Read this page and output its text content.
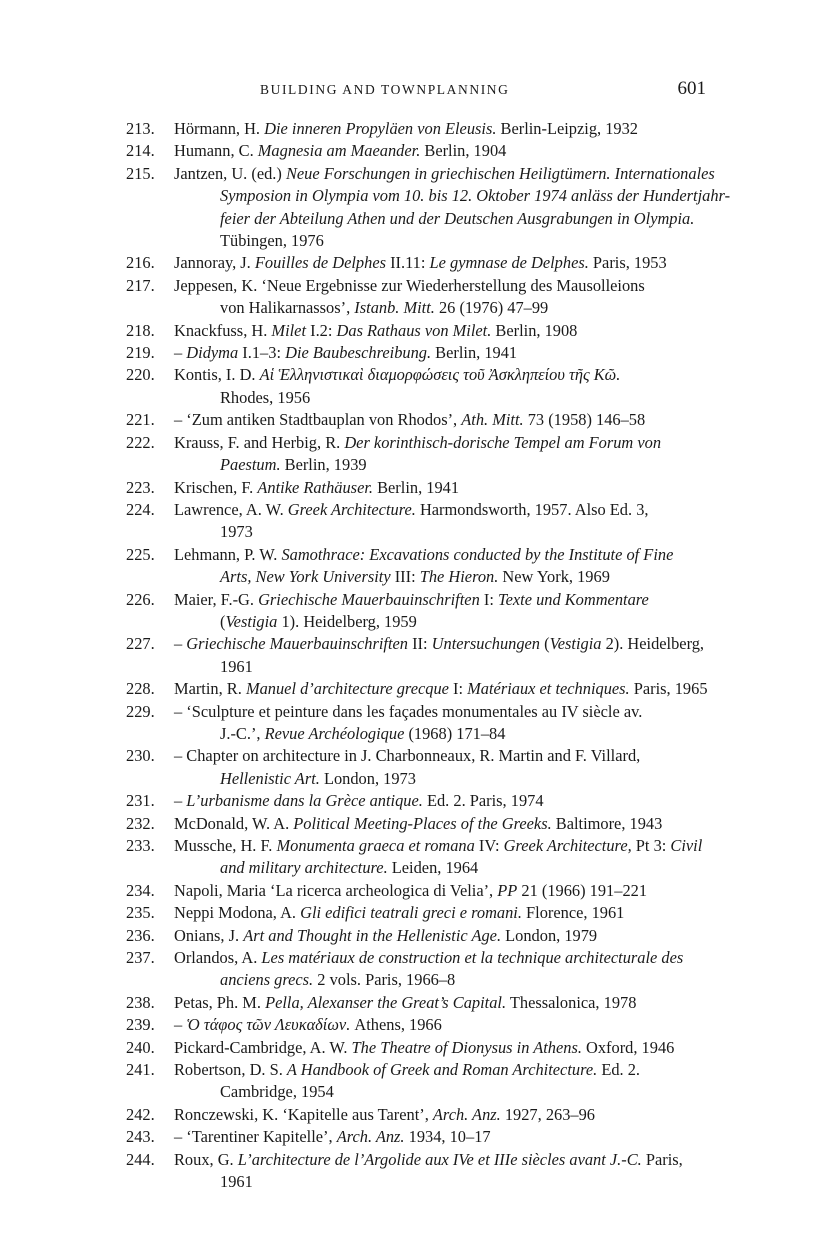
BUILDING AND TOWNPLANNING	601
213.	Hörmann, H. Die inneren Propyläen von Eleusis. Berlin-Leipzig, 1932
214.	Humann, C. Magnesia am Maeander. Berlin, 1904
215.	Jantzen, U. (ed.) Neue Forschungen in griechischen Heiligtümern. Internationales
Symposion in Olympia vom 10. bis 12. Oktober 1974 anläss der Hundertjahr-
feier der Abteilung Athen und der Deutschen Ausgrabungen in Olympia.
Tübingen, 1976
216.	Jannoray, J. Fouilles de Delphes II.11: Le gymnase de Delphes. Paris, 1953
217.	Jeppesen, K. ‘Neue Ergebnisse zur Wiederherstellung des Mausolleions
von Halikarnassos’, Istanb. Mitt. 26 (1976) 47–99
218.	Knackfuss, H. Milet I.2: Das Rathaus von Milet. Berlin, 1908
219.	– Didyma I.1–3: Die Baubeschreibung. Berlin, 1941
220.	Kontis, I. D. Αἱ Ἑλληνιστικαὶ διαμορφώσεις τοῦ Ἀσκληπείου τῆς Κῶ.
Rhodes, 1956
221.	– ‘Zum antiken Stadtbauplan von Rhodos’, Ath. Mitt. 73 (1958) 146–58
222.	Krauss, F. and Herbig, R. Der korinthisch-dorische Tempel am Forum von
Paestum. Berlin, 1939
223.	Krischen, F. Antike Rathäuser. Berlin, 1941
224.	Lawrence, A. W. Greek Architecture. Harmondsworth, 1957. Also Ed. 3,
1973
225.	Lehmann, P. W. Samothrace: Excavations conducted by the Institute of Fine
Arts, New York University III: The Hieron. New York, 1969
226.	Maier, F.-G. Griechische Mauerbauinschriften I: Texte und Kommentare
(Vestigia 1). Heidelberg, 1959
227.	– Griechische Mauerbauinschriften II: Untersuchungen (Vestigia 2). Heidelberg,
1961
228.	Martin, R. Manuel d’architecture grecque I: Matériaux et techniques. Paris, 1965
229.	– ‘Sculpture et peinture dans les façades monumentales au IV siècle av.
J.-C.’, Revue Archéologique (1968) 171–84
230.	– Chapter on architecture in J. Charbonneaux, R. Martin and F. Villard,
Hellenistic Art. London, 1973
231.	– L’urbanisme dans la Grèce antique. Ed. 2. Paris, 1974
232.	McDonald, W. A. Political Meeting-Places of the Greeks. Baltimore, 1943
233.	Mussche, H. F. Monumenta graeca et romana IV: Greek Architecture, Pt 3: Civil
and military architecture. Leiden, 1964
234.	Napoli, Maria ‘La ricerca archeologica di Velia’, PP 21 (1966) 191–221
235.	Neppi Modona, A. Gli edifici teatrali greci e romani. Florence, 1961
236.	Onians, J. Art and Thought in the Hellenistic Age. London, 1979
237.	Orlandos, A. Les matériaux de construction et la technique architecturale des
anciens grecs. 2 vols. Paris, 1966–8
238.	Petas, Ph. M. Pella, Alexanser the Great’s Capital. Thessalonica, 1978
239.	– Ὁ τάφος τῶν Λευκαδίων. Athens, 1966
240.	Pickard-Cambridge, A. W. The Theatre of Dionysus in Athens. Oxford, 1946
241.	Robertson, D. S. A Handbook of Greek and Roman Architecture. Ed. 2.
Cambridge, 1954
242.	Ronczewski, K. ‘Kapitelle aus Tarent’, Arch. Anz. 1927, 263–96
243.	– ‘Tarentiner Kapitelle’, Arch. Anz. 1934, 10–17
244.	Roux, G. L’architecture de l’Argolide aux IVe et IIIe siècles avant J.-C. Paris,
1961
